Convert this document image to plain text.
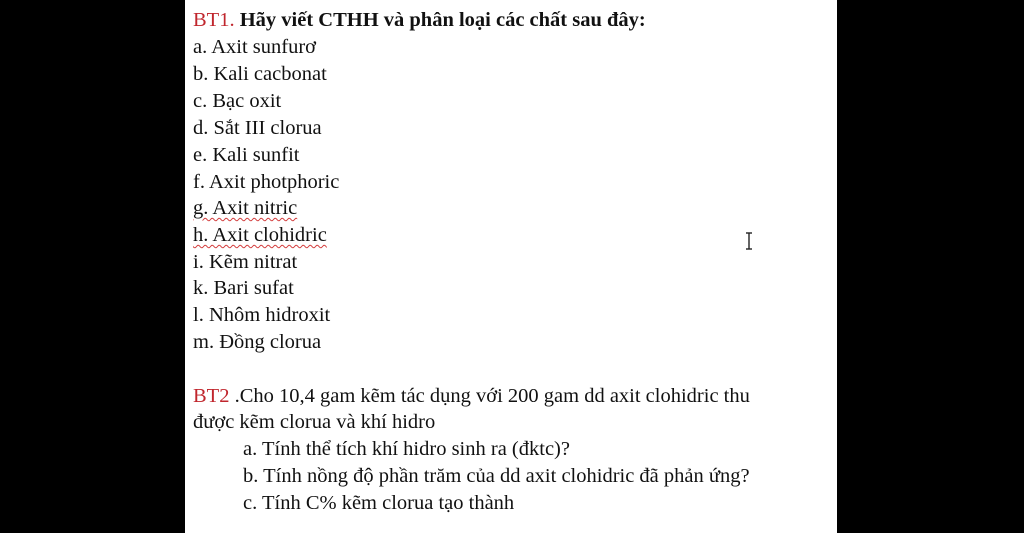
BT1. Hãy viết CTHH và phân loại các chất sau đây:
a. Axit sunfurơ
b. Kali cacbonat
c. Bạc oxit
d. Sắt III clorua
e. Kali sunfit
f. Axit photphoric
g. Axit nitric
h. Axit clohidric
i. Kẽm nitrat
k. Bari sufat
l. Nhôm hidroxit
m. Đồng clorua
BT2 .Cho 10,4 gam kẽm tác dụng với 200 gam dd axit clohidric thu
được kẽm clorua và khí hidro
a. Tính thể tích khí hidro sinh ra (đktc)?
b. Tính nồng độ phần trăm của dd axit clohidric đã phản ứng?
c. Tính C% kẽm clorua tạo thành
